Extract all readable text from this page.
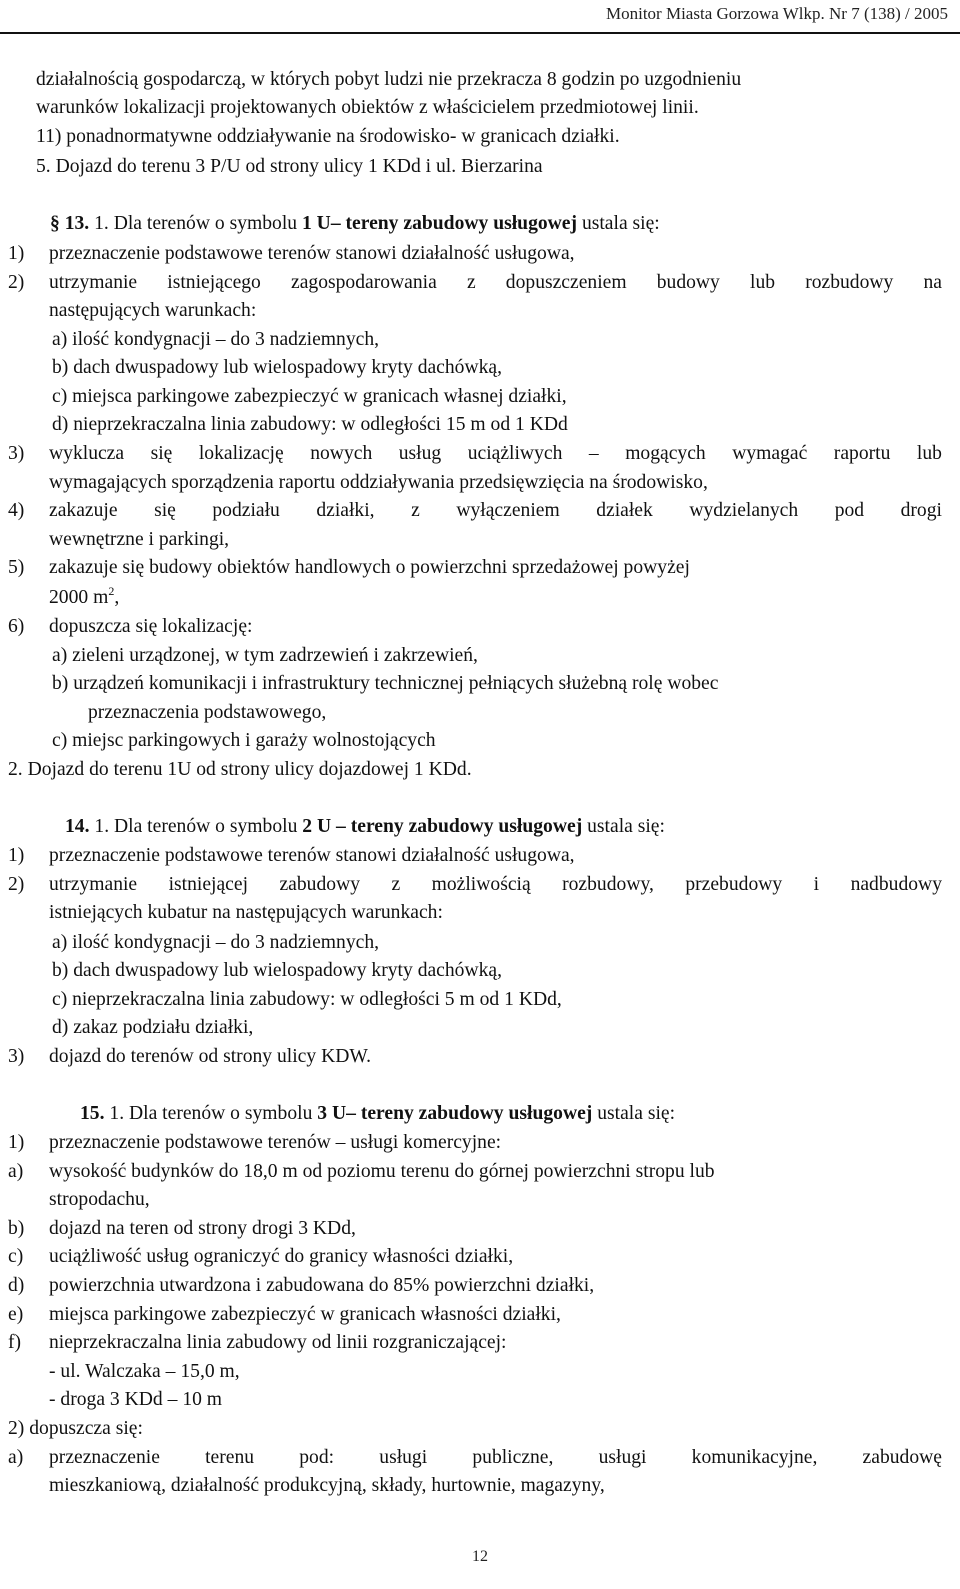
Monitor Miasta Gorzowa Wlkp. Nr 7 (138) / 2005
działalnością gospodarczą, w których pobyt ludzi nie przekracza 8 godzin po uzgodnieniu
warunków lokalizacji projektowanych obiektów z właścicielem przedmiotowej linii.
11) ponadnormatywne oddziaływanie na środowisko- w granicach działki.
5. Dojazd do terenu 3 P/U od strony ulicy 1 KDd i ul. Bierzarina
§ 13. 1. Dla terenów o symbolu 1 U– tereny zabudowy usługowej ustala się:
1)	przeznaczenie podstawowe terenów stanowi działalność usługowa,
2)	utrzymanie istniejącego zagospodarowania z dopuszczeniem budowy lub rozbudowy na
następujących warunkach:
a) ilość kondygnacji – do 3 nadziemnych,
b) dach dwuspadowy lub wielospadowy kryty dachówką,
c) miejsca parkingowe zabezpieczyć w granicach własnej działki,
d) nieprzekraczalna linia zabudowy: w odległości 15 m od 1 KDd
3)	wyklucza się lokalizację nowych usług uciążliwych – mogących wymagać raportu lub
wymagających sporządzenia raportu oddziaływania przedsięwzięcia na środowisko,
4)	zakazuje się podziału działki, z wyłączeniem działek wydzielanych pod drogi
wewnętrzne i parkingi,
5)	zakazuje się budowy obiektów handlowych o powierzchni sprzedażowej powyżej
2000 $m^2$,
6)	dopuszcza się lokalizację:
a) zieleni urządzonej, w tym zadrzewień i zakrzewień,
b) urządzeń komunikacji i infrastruktury technicznej pełniących służebną rolę wobec
przeznaczenia podstawowego,
c) miejsc parkingowych i garaży wolnostojących
2. Dojazd do terenu 1U od strony ulicy dojazdowej 1 KDd.
14. 1. Dla terenów o symbolu 2 U – tereny zabudowy usługowej ustala się:
1)	przeznaczenie podstawowe terenów stanowi działalność usługowa,
2)	utrzymanie istniejącej zabudowy z możliwością rozbudowy, przebudowy i nadbudowy
istniejących kubatur na następujących warunkach:
a) ilość kondygnacji – do 3 nadziemnych,
b) dach dwuspadowy lub wielospadowy kryty dachówką,
c) nieprzekraczalna linia zabudowy: w odległości 5 m od 1 KDd,
d) zakaz podziału działki,
3)	dojazd do terenów od strony ulicy KDW.
15. 1. Dla terenów o symbolu 3 U– tereny zabudowy usługowej ustala się:
1)	przeznaczenie podstawowe terenów – usługi komercyjne:
a)	wysokość budynków do 18,0 m od poziomu terenu do górnej powierzchni stropu lub
stropodachu,
b)	dojazd na teren od strony drogi 3 KDd,
c)	uciążliwość usług ograniczyć do granicy własności działki,
d)	powierzchnia utwardzona i zabudowana do 85% powierzchni działki,
e)	miejsca parkingowe zabezpieczyć w granicach własności działki,
f)	nieprzekraczalna linia zabudowy od linii rozgraniczającej:
- ul. Walczaka – 15,0 m,
- droga 3 KDd – 10 m
2) dopuszcza się:
a)	przeznaczenie terenu pod: usługi publiczne, usługi komunikacyjne, zabudowę
mieszkaniową, działalność produkcyjną, składy, hurtownie, magazyny,
12
